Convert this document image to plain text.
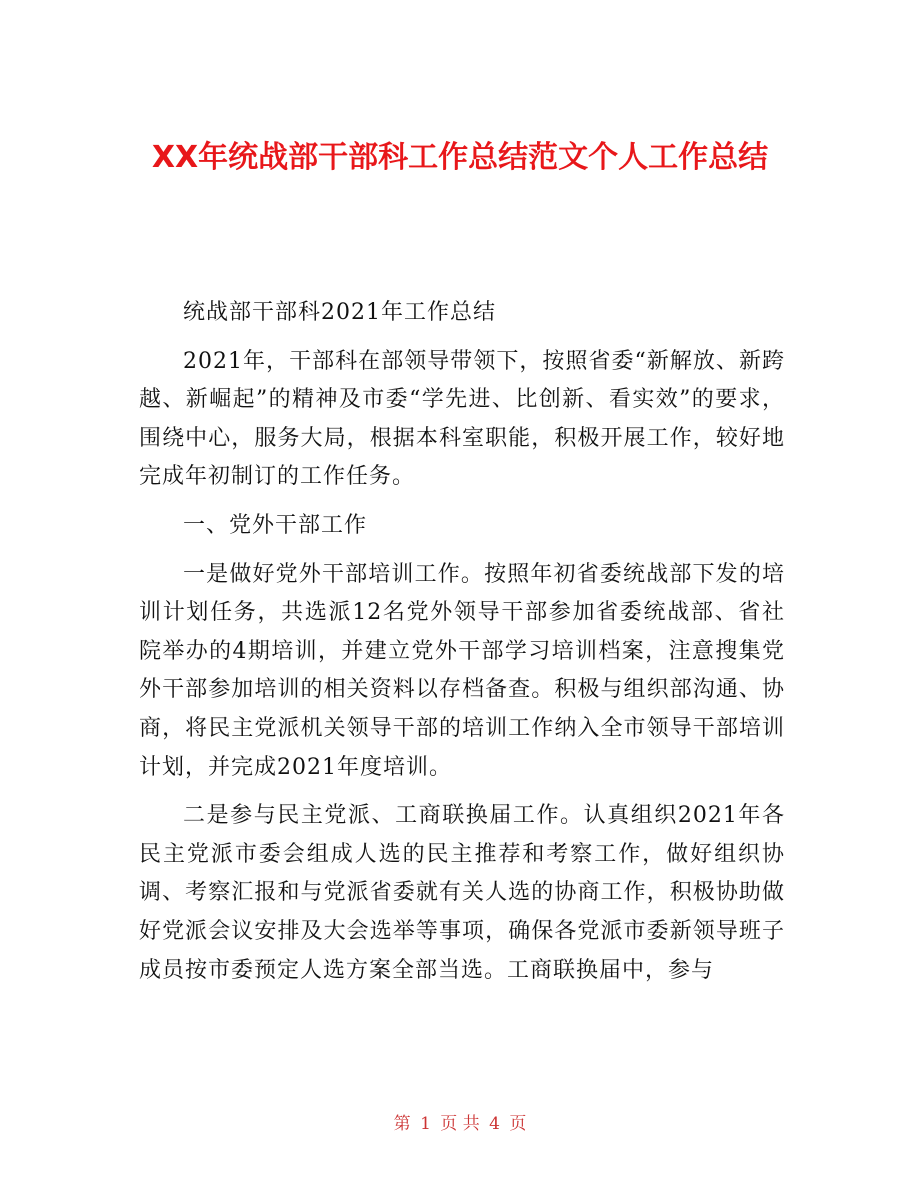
XX年统战部干部科工作总结范文个人工作总结

统战部干部科2021年工作总结

2021年，干部科在部领导带领下，按照省委“新解放、新跨越、新崛起”的精神及市委“学先进、比创新、看实效”的要求，围绕中心，服务大局，根据本科室职能，积极开展工作，较好地完成年初制订的工作任务。

一、党外干部工作

一是做好党外干部培训工作。按照年初省委统战部下发的培训计划任务，共选派12名党外领导干部参加省委统战部、省社院举办的4期培训，并建立党外干部学习培训档案，注意搜集党外干部参加培训的相关资料以存档备查。积极与组织部沟通、协商，将民主党派机关领导干部的培训工作纳入全市领导干部培训计划，并完成2021年度培训。

二是参与民主党派、工商联换届工作。认真组织2021年各民主党派市委会组成人选的民主推荐和考察工作，做好组织协调、考察汇报和与党派省委就有关人选的协商工作，积极协助做好党派会议安排及大会选举等事项，确保各党派市委新领导班子成员按市委预定人选方案全部当选。工商联换届中，参与

第 1 页 共 4 页
